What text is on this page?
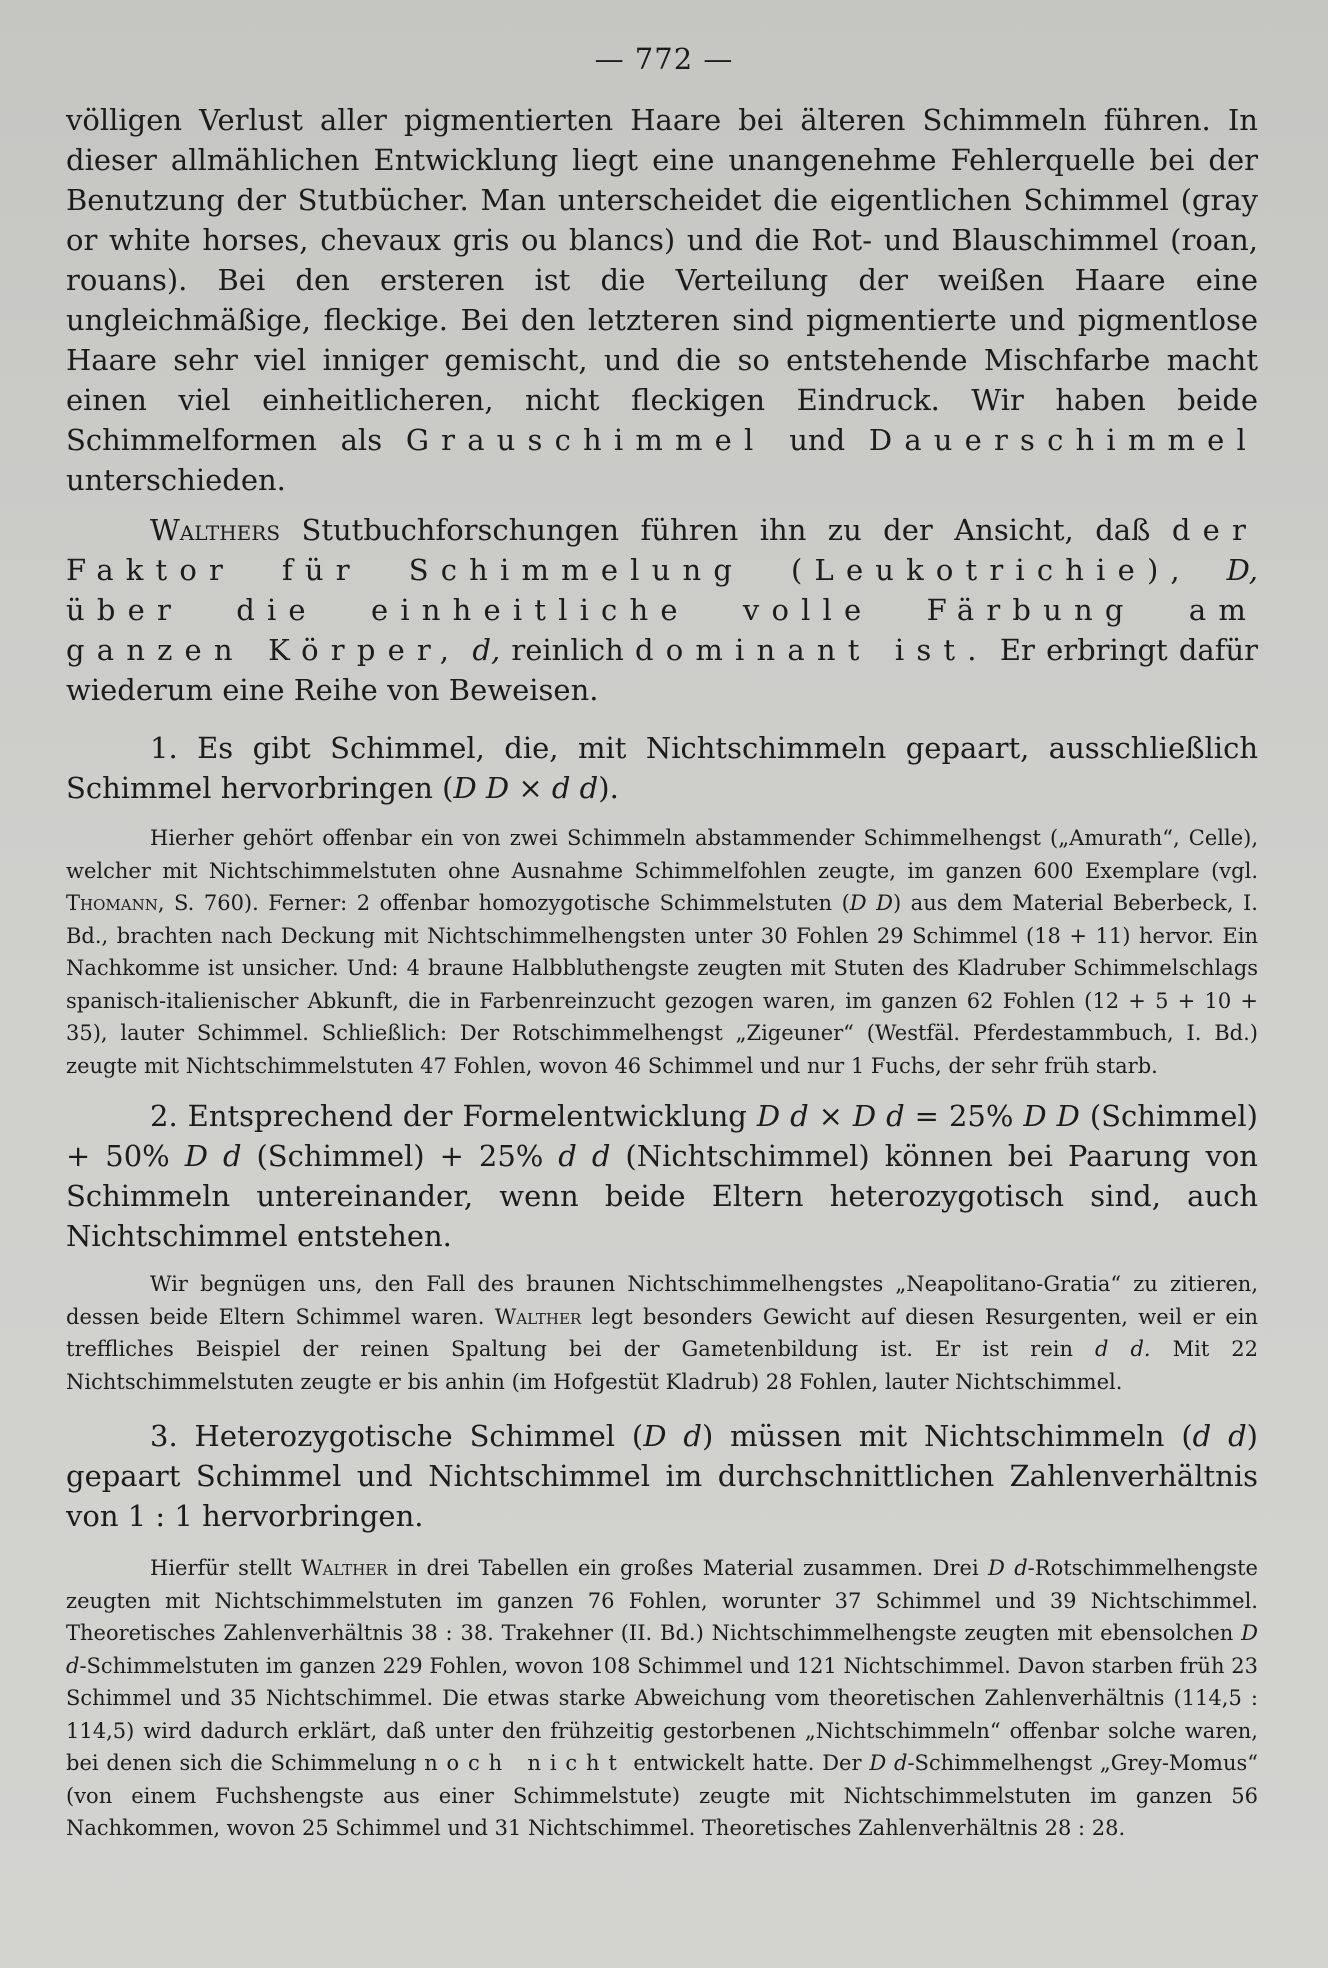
— 772 —

völligen Verlust aller pigmentierten Haare bei älteren Schimmeln führen. In dieser allmählichen Entwicklung liegt eine unangenehme Fehlerquelle bei der Benutzung der Stutbücher. Man unterscheidet die eigentlichen Schimmel (gray or white horses, chevaux gris ou blancs) und die Rot- und Blauschimmel (roan, rouans). Bei den ersteren ist die Verteilung der weißen Haare eine ungleichmäßige, fleckige. Bei den letzteren sind pigmentierte und pigmentlose Haare sehr viel inniger gemischt, und die so entstehende Mischfarbe macht einen viel einheitlicheren, nicht fleckigen Eindruck. Wir haben beide Schimmelformen als Grauschimmel und Dauerschimmel unterschieden.

Walthers Stutbuchforschungen führen ihn zu der Ansicht, daß der Faktor für Schimmelung (Leukotrichie), D, über die einheitliche volle Färbung am ganzen Körper, d, reinlich dominant ist. Er erbringt dafür wiederum eine Reihe von Beweisen.

1. Es gibt Schimmel, die, mit Nichtschimmeln gepaart, ausschließlich Schimmel hervorbringen (D D × d d).

Hierher gehört offenbar ein von zwei Schimmeln abstammender Schimmelhengst („Amurath“, Celle), welcher mit Nichtschimmelstuten ohne Ausnahme Schimmelfohlen zeugte, im ganzen 600 Exemplare (vgl. Thomann, S. 760). Ferner: 2 offenbar homozygotische Schimmelstuten (D D) aus dem Material Beberbeck, I. Bd., brachten nach Deckung mit Nichtschimmelhengsten unter 30 Fohlen 29 Schimmel (18 + 11) hervor. Ein Nachkomme ist unsicher. Und: 4 braune Halbbluthengste zeugten mit Stuten des Kladruber Schimmelschlags spanisch-italienischer Abkunft, die in Farbenreinzucht gezogen waren, im ganzen 62 Fohlen (12 + 5 + 10 + 35), lauter Schimmel. Schließlich: Der Rotschimmelhengst „Zigeuner“ (Westfäl. Pferdestammbuch, I. Bd.) zeugte mit Nichtschimmelstuten 47 Fohlen, wovon 46 Schimmel und nur 1 Fuchs, der sehr früh starb.

2. Entsprechend der Formelentwicklung D d × D d = 25% D D (Schimmel) + 50% D d (Schimmel) + 25% d d (Nichtschimmel) können bei Paarung von Schimmeln untereinander, wenn beide Eltern heterozygotisch sind, auch Nichtschimmel entstehen.

Wir begnügen uns, den Fall des braunen Nichtschimmelhengstes „Neapolitano-Gratia“ zu zitieren, dessen beide Eltern Schimmel waren. Walther legt besonders Gewicht auf diesen Resurgenten, weil er ein treffliches Beispiel der reinen Spaltung bei der Gametenbildung ist. Er ist rein d d. Mit 22 Nichtschimmelstuten zeugte er bis anhin (im Hofgestüt Kladrub) 28 Fohlen, lauter Nichtschimmel.

3. Heterozygotische Schimmel (D d) müssen mit Nichtschimmeln (d d) gepaart Schimmel und Nichtschimmel im durchschnittlichen Zahlenverhältnis von 1 : 1 hervorbringen.

Hierfür stellt Walther in drei Tabellen ein großes Material zusammen. Drei D d-Rotschimmelhengste zeugten mit Nichtschimmelstuten im ganzen 76 Fohlen, worunter 37 Schimmel und 39 Nichtschimmel. Theoretisches Zahlenverhältnis 38 : 38. Trakehner (II. Bd.) Nichtschimmelhengste zeugten mit ebensolchen D d-Schimmelstuten im ganzen 229 Fohlen, wovon 108 Schimmel und 121 Nichtschimmel. Davon starben früh 23 Schimmel und 35 Nichtschimmel. Die etwas starke Abweichung vom theoretischen Zahlenverhältnis (114,5 : 114,5) wird dadurch erklärt, daß unter den frühzeitig gestorbenen „Nichtschimmeln“ offenbar solche waren, bei denen sich die Schimmelung noch nicht entwickelt hatte. Der D d-Schimmelhengst „Grey-Momus“ (von einem Fuchshengste aus einer Schimmelstute) zeugte mit Nichtschimmelstuten im ganzen 56 Nachkommen, wovon 25 Schimmel und 31 Nichtschimmel. Theoretisches Zahlenverhältnis 28 : 28.
